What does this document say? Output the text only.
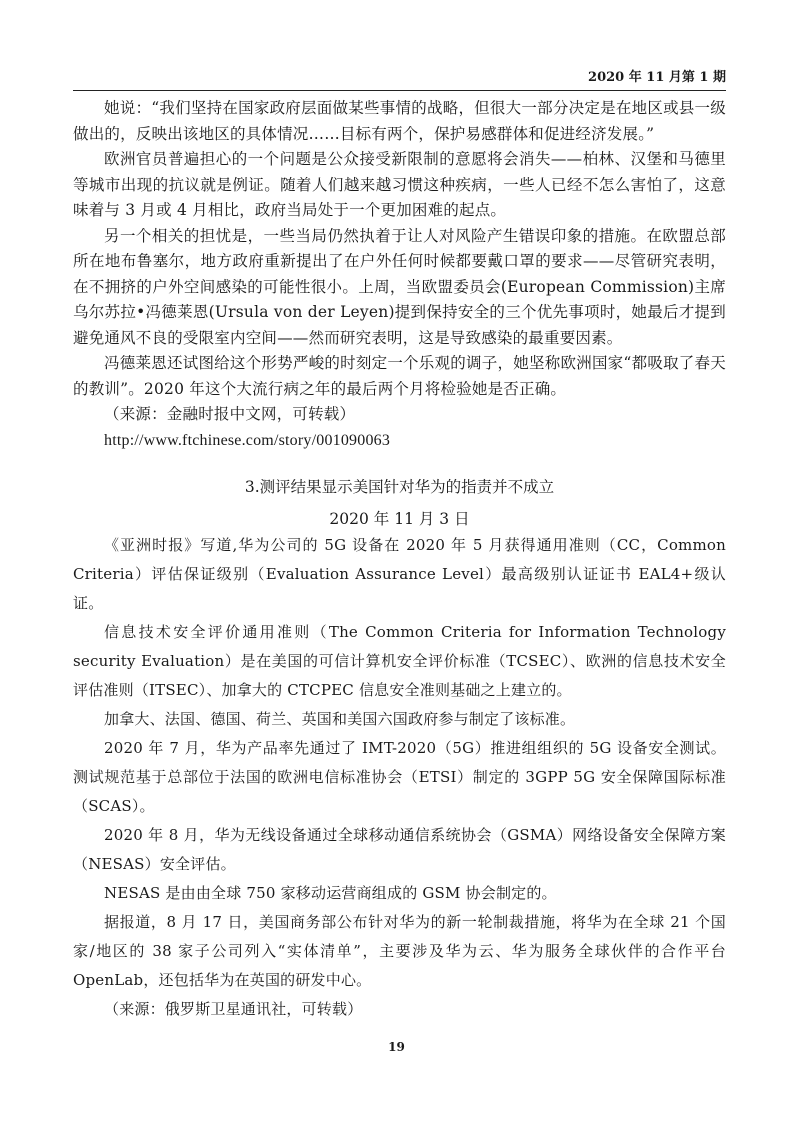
2020 年 11 月第 1 期

她说：“我们坚持在国家政府层面做某些事情的战略，但很大一部分决定是在地区或县一级做出的，反映出该地区的具体情况……目标有两个，保护易感群体和促进经济发展。”

欧洲官员普遍担心的一个问题是公众接受新限制的意愿将会消失——柏林、汉堡和马德里等城市出现的抗议就是例证。随着人们越来越习惯这种疾病，一些人已经不怎么害怕了，这意味着与 3 月或 4 月相比，政府当局处于一个更加困难的起点。

另一个相关的担忧是，一些当局仍然执着于让人对风险产生错误印象的措施。在欧盟总部所在地布鲁塞尔，地方政府重新提出了在户外任何时候都要戴口罩的要求——尽管研究表明，在不拥挤的户外空间感染的可能性很小。上周，当欧盟委员会(European Commission)主席乌尔苏拉•冯德莱恩(Ursula von der Leyen)提到保持安全的三个优先事项时，她最后才提到避免通风不良的受限室内空间——然而研究表明，这是导致感染的最重要因素。

冯德莱恩还试图给这个形势严峻的时刻定一个乐观的调子，她坚称欧洲国家“都吸取了春天的教训”。2020 年这个大流行病之年的最后两个月将检验她是否正确。

（来源：金融时报中文网，可转载）

http://www.ftchinese.com/story/001090063

3.测评结果显示美国针对华为的指责并不成立
2020 年 11 月 3 日

《亚洲时报》写道,华为公司的 5G 设备在 2020 年 5 月获得通用准则（CC，Common Criteria）评估保证级别（Evaluation Assurance Level）最高级别认证证书 EAL4+级认证。

信息技术安全评价通用准则（The Common Criteria for Information Technology security Evaluation）是在美国的可信计算机安全评价标准（TCSEC）、欧洲的信息技术安全评估准则（ITSEC）、加拿大的 CTCPEC 信息安全准则基础之上建立的。

加拿大、法国、德国、荷兰、英国和美国六国政府参与制定了该标准。

2020 年 7 月，华为产品率先通过了 IMT-2020（5G）推进组组织的 5G 设备安全测试。测试规范基于总部位于法国的欧洲电信标准协会（ETSI）制定的 3GPP 5G 安全保障国际标准（SCAS）。

2020 年 8 月，华为无线设备通过全球移动通信系统协会（GSMA）网络设备安全保障方案（NESAS）安全评估。

NESAS 是由由全球 750 家移动运营商组成的 GSM 协会制定的。

据报道，8 月 17 日，美国商务部公布针对华为的新一轮制裁措施，将华为在全球 21 个国家/地区的 38 家子公司列入“实体清单”，主要涉及华为云、华为服务全球伙伴的合作平台 OpenLab，还包括华为在英国的研发中心。

（来源：俄罗斯卫星通讯社，可转载）

19
